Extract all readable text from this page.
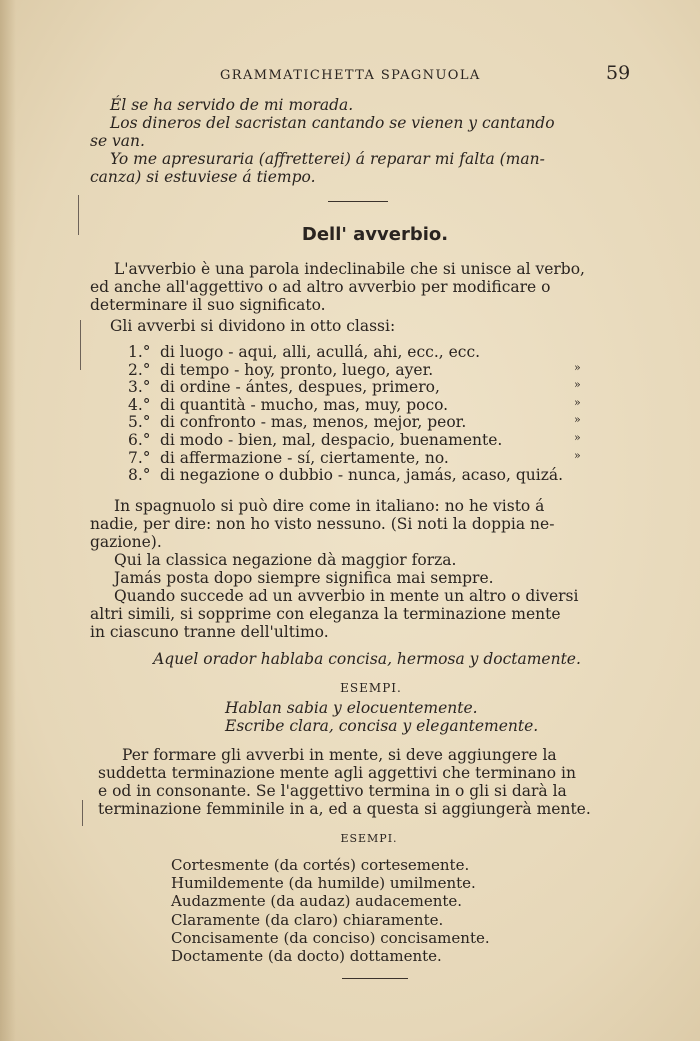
GRAMMATICHETTA SPAGNUOLA	59
Él se ha servido de mi morada.
Los dineros del sacristan cantando se vienen y cantando
se van.
Yo me apresuraria (affretterei) á reparar mi falta (man-
canza) si estuviese á tiempo.
Dell' avverbio.
L'avverbio è una parola indeclinabile che si unisce al verbo,
ed anche all'aggettivo o ad altro avverbio per modificare o
determinare il suo significato.
Gli avverbi si dividono in otto classi:
1.° di luogo - aqui, alli, acullá, ahi, ecc., ecc.
2.° di tempo - hoy, pronto, luego, ayer.	»
3.° di ordine - ántes, despues, primero,	»
4.° di quantità - mucho, mas, muy, poco.	»
5.° di confronto - mas, menos, mejor, peor.	»
6.° di modo - bien, mal, despacio, buenamente.	»
7.° di affermazione - sí, ciertamente, no.	»
8.° di negazione o dubbio - nunca, jamás, acaso, quizá.
In spagnuolo si può dire come in italiano: no he visto á
nadie, per dire: non ho visto nessuno. (Si noti la doppia ne-
gazione).
Qui la classica negazione dà maggior forza.
Jamás posta dopo siempre significa mai sempre.
Quando succede ad un avverbio in mente un altro o diversi
altri simili, si sopprime con eleganza la terminazione mente
in ciascuno tranne dell'ultimo.
Aquel orador hablaba concisa, hermosa y doctamente.
ESEMPI.
Hablan sabia y elocuentemente.
Escribe clara, concisa y elegantemente.
Per formare gli avverbi in mente, si deve aggiungere la
suddetta terminazione mente agli aggettivi che terminano in
e od in consonante. Se l'aggettivo termina in o gli si darà la
terminazione femminile in a, ed a questa si aggiungerà mente.
ESEMPI.
Cortesmente (da cortés) cortesemente.
Humildemente (da humilde) umilmente.
Audazmente (da audaz) audacemente.
Claramente (da claro) chiaramente.
Concisamente (da conciso) concisamente.
Doctamente (da docto) dottamente.
